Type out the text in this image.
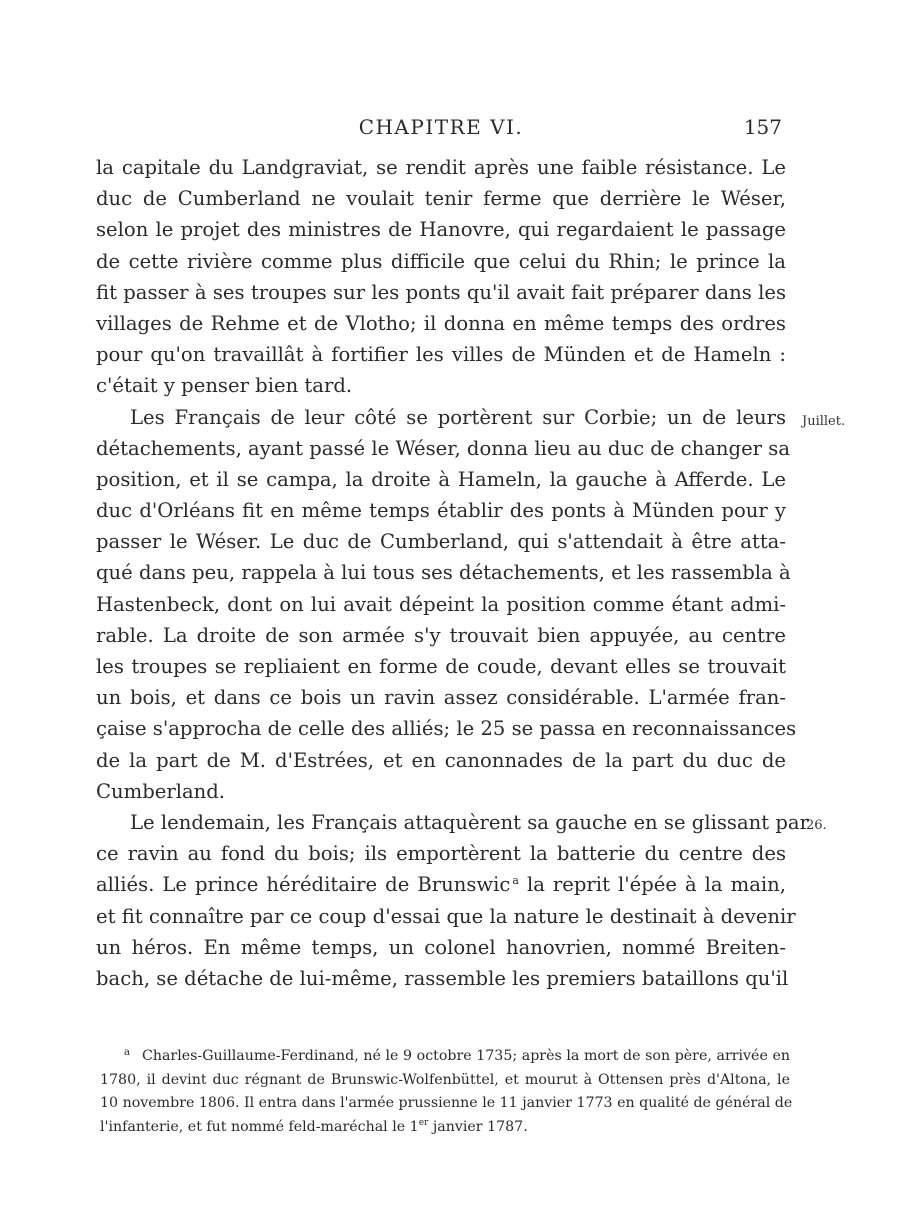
CHAPITRE VI.	157
la capitale du Landgraviat, se rendit après une faible résistance. Le
duc de Cumberland ne voulait tenir ferme que derrière le Wéser,
selon le projet des ministres de Hanovre, qui regardaient le passage
de cette rivière comme plus difficile que celui du Rhin; le prince la
fit passer à ses troupes sur les ponts qu'il avait fait préparer dans les
villages de Rehme et de Vlotho; il donna en même temps des ordres
pour qu'on travaillât à fortifier les villes de Münden et de Hameln :
c'était y penser bien tard.
Les Français de leur côté se portèrent sur Corbie; un de leurs
détachements, ayant passé le Wéser, donna lieu au duc de changer sa
position, et il se campa, la droite à Hameln, la gauche à Afferde. Le
duc d'Orléans fit en même temps établir des ponts à Münden pour y
passer le Wéser. Le duc de Cumberland, qui s'attendait à être atta-
qué dans peu, rappela à lui tous ses détachements, et les rassembla à
Hastenbeck, dont on lui avait dépeint la position comme étant admi-
rable. La droite de son armée s'y trouvait bien appuyée, au centre
les troupes se repliaient en forme de coude, devant elles se trouvait
un bois, et dans ce bois un ravin assez considérable. L'armée fran-
çaise s'approcha de celle des alliés; le 25 se passa en reconnaissances
de la part de M. d'Estrées, et en canonnades de la part du duc de
Cumberland.
Le lendemain, les Français attaquèrent sa gauche en se glissant par
ce ravin au fond du bois; ils emportèrent la batterie du centre des
alliés. Le prince héréditaire de Brunswic $^a$ la reprit l'épée à la main,
et fit connaître par ce coup d'essai que la nature le destinait à devenir
un héros. En même temps, un colonel hanovrien, nommé Breiten-
bach, se détache de lui-même, rassemble les premiers bataillons qu'il
Juillet.
26.
$^a$ Charles-Guillaume-Ferdinand, né le 9 octobre 1735; après la mort de son père, arrivée en
1780, il devint duc régnant de Brunswic-Wolfenbüttel, et mourut à Ottensen près d'Altona, le
10 novembre 1806. Il entra dans l'armée prussienne le 11 janvier 1773 en qualité de général de
l'infanterie, et fut nommé feld-maréchal le 1er janvier 1787.
